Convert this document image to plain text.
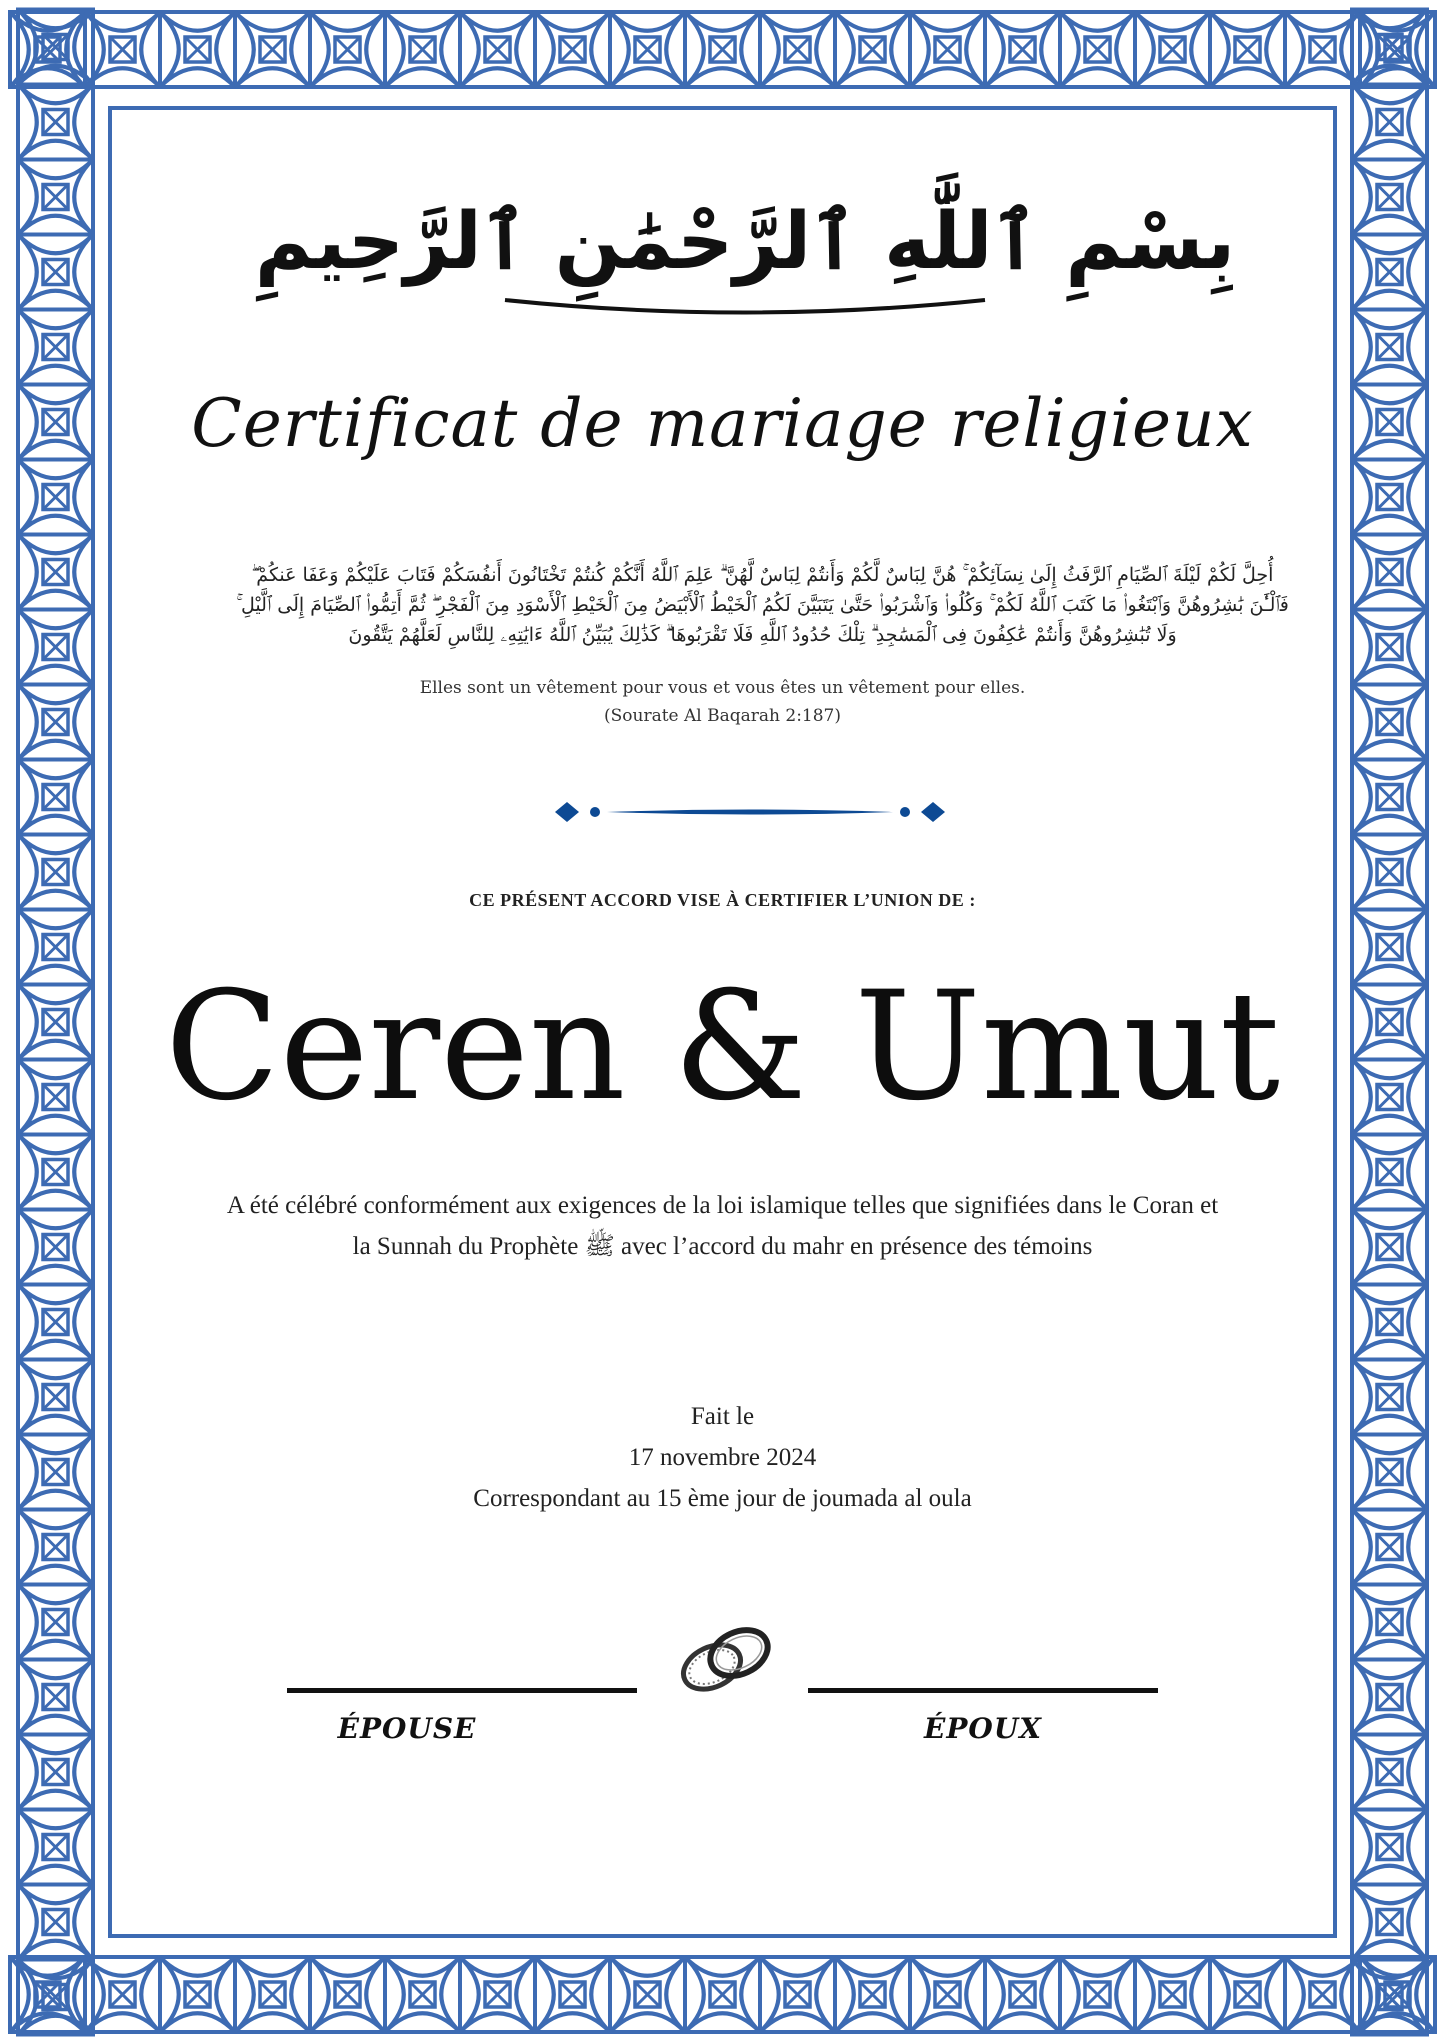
بِسْمِ ٱللَّٰهِ ٱلرَّحْمَٰنِ ٱلرَّحِيمِ

Certificat de mariage religieux

أُحِلَّ لَكُمْ لَيْلَةَ ٱلصِّيَامِ ٱلرَّفَثُ إِلَىٰ نِسَآئِكُمْ ۚ هُنَّ لِبَاسٌ لَّكُمْ وَأَنتُمْ لِبَاسٌ لَّهُنَّ ۗ عَلِمَ ٱللَّهُ أَنَّكُمْ كُنتُمْ تَخْتَانُونَ أَنفُسَكُمْ فَتَابَ عَلَيْكُمْ وَعَفَا عَنكُمْ ۖ فَٱلْـَٰٔنَ بَٰشِرُوهُنَّ وَٱبْتَغُوا۟ مَا كَتَبَ ٱللَّهُ لَكُمْ ۚ وَكُلُوا۟ وَٱشْرَبُوا۟ حَتَّىٰ يَتَبَيَّنَ لَكُمُ ٱلْخَيْطُ ٱلْأَبْيَضُ مِنَ ٱلْخَيْطِ ٱلْأَسْوَدِ مِنَ ٱلْفَجْرِ ۖ ثُمَّ أَتِمُّوا۟ ٱلصِّيَامَ إِلَى ٱلَّيْلِ ۚ وَلَا تُبَٰشِرُوهُنَّ وَأَنتُمْ عَٰكِفُونَ فِى ٱلْمَسَٰجِدِ ۗ تِلْكَ حُدُودُ ٱللَّهِ فَلَا تَقْرَبُوهَا ۗ كَذَٰلِكَ يُبَيِّنُ ٱللَّهُ ءَايَٰتِهِۦ لِلنَّاسِ لَعَلَّهُمْ يَتَّقُونَ

Elles sont un vêtement pour vous et vous êtes un vêtement pour elles.

(Sourate Al Baqarah 2:187)

CE PRÉSENT ACCORD VISE À CERTIFIER L’UNION DE :

Ceren & Umut

A été célébré conformément aux exigences de la loi islamique telles que signifiées dans le Coran et la Sunnah du Prophète ﷺ avec l’accord du mahr en présence des témoins

Fait le

17 novembre 2024

Correspondant au 15 ème jour de joumada al oula

ÉPOUSE	ÉPOUX
